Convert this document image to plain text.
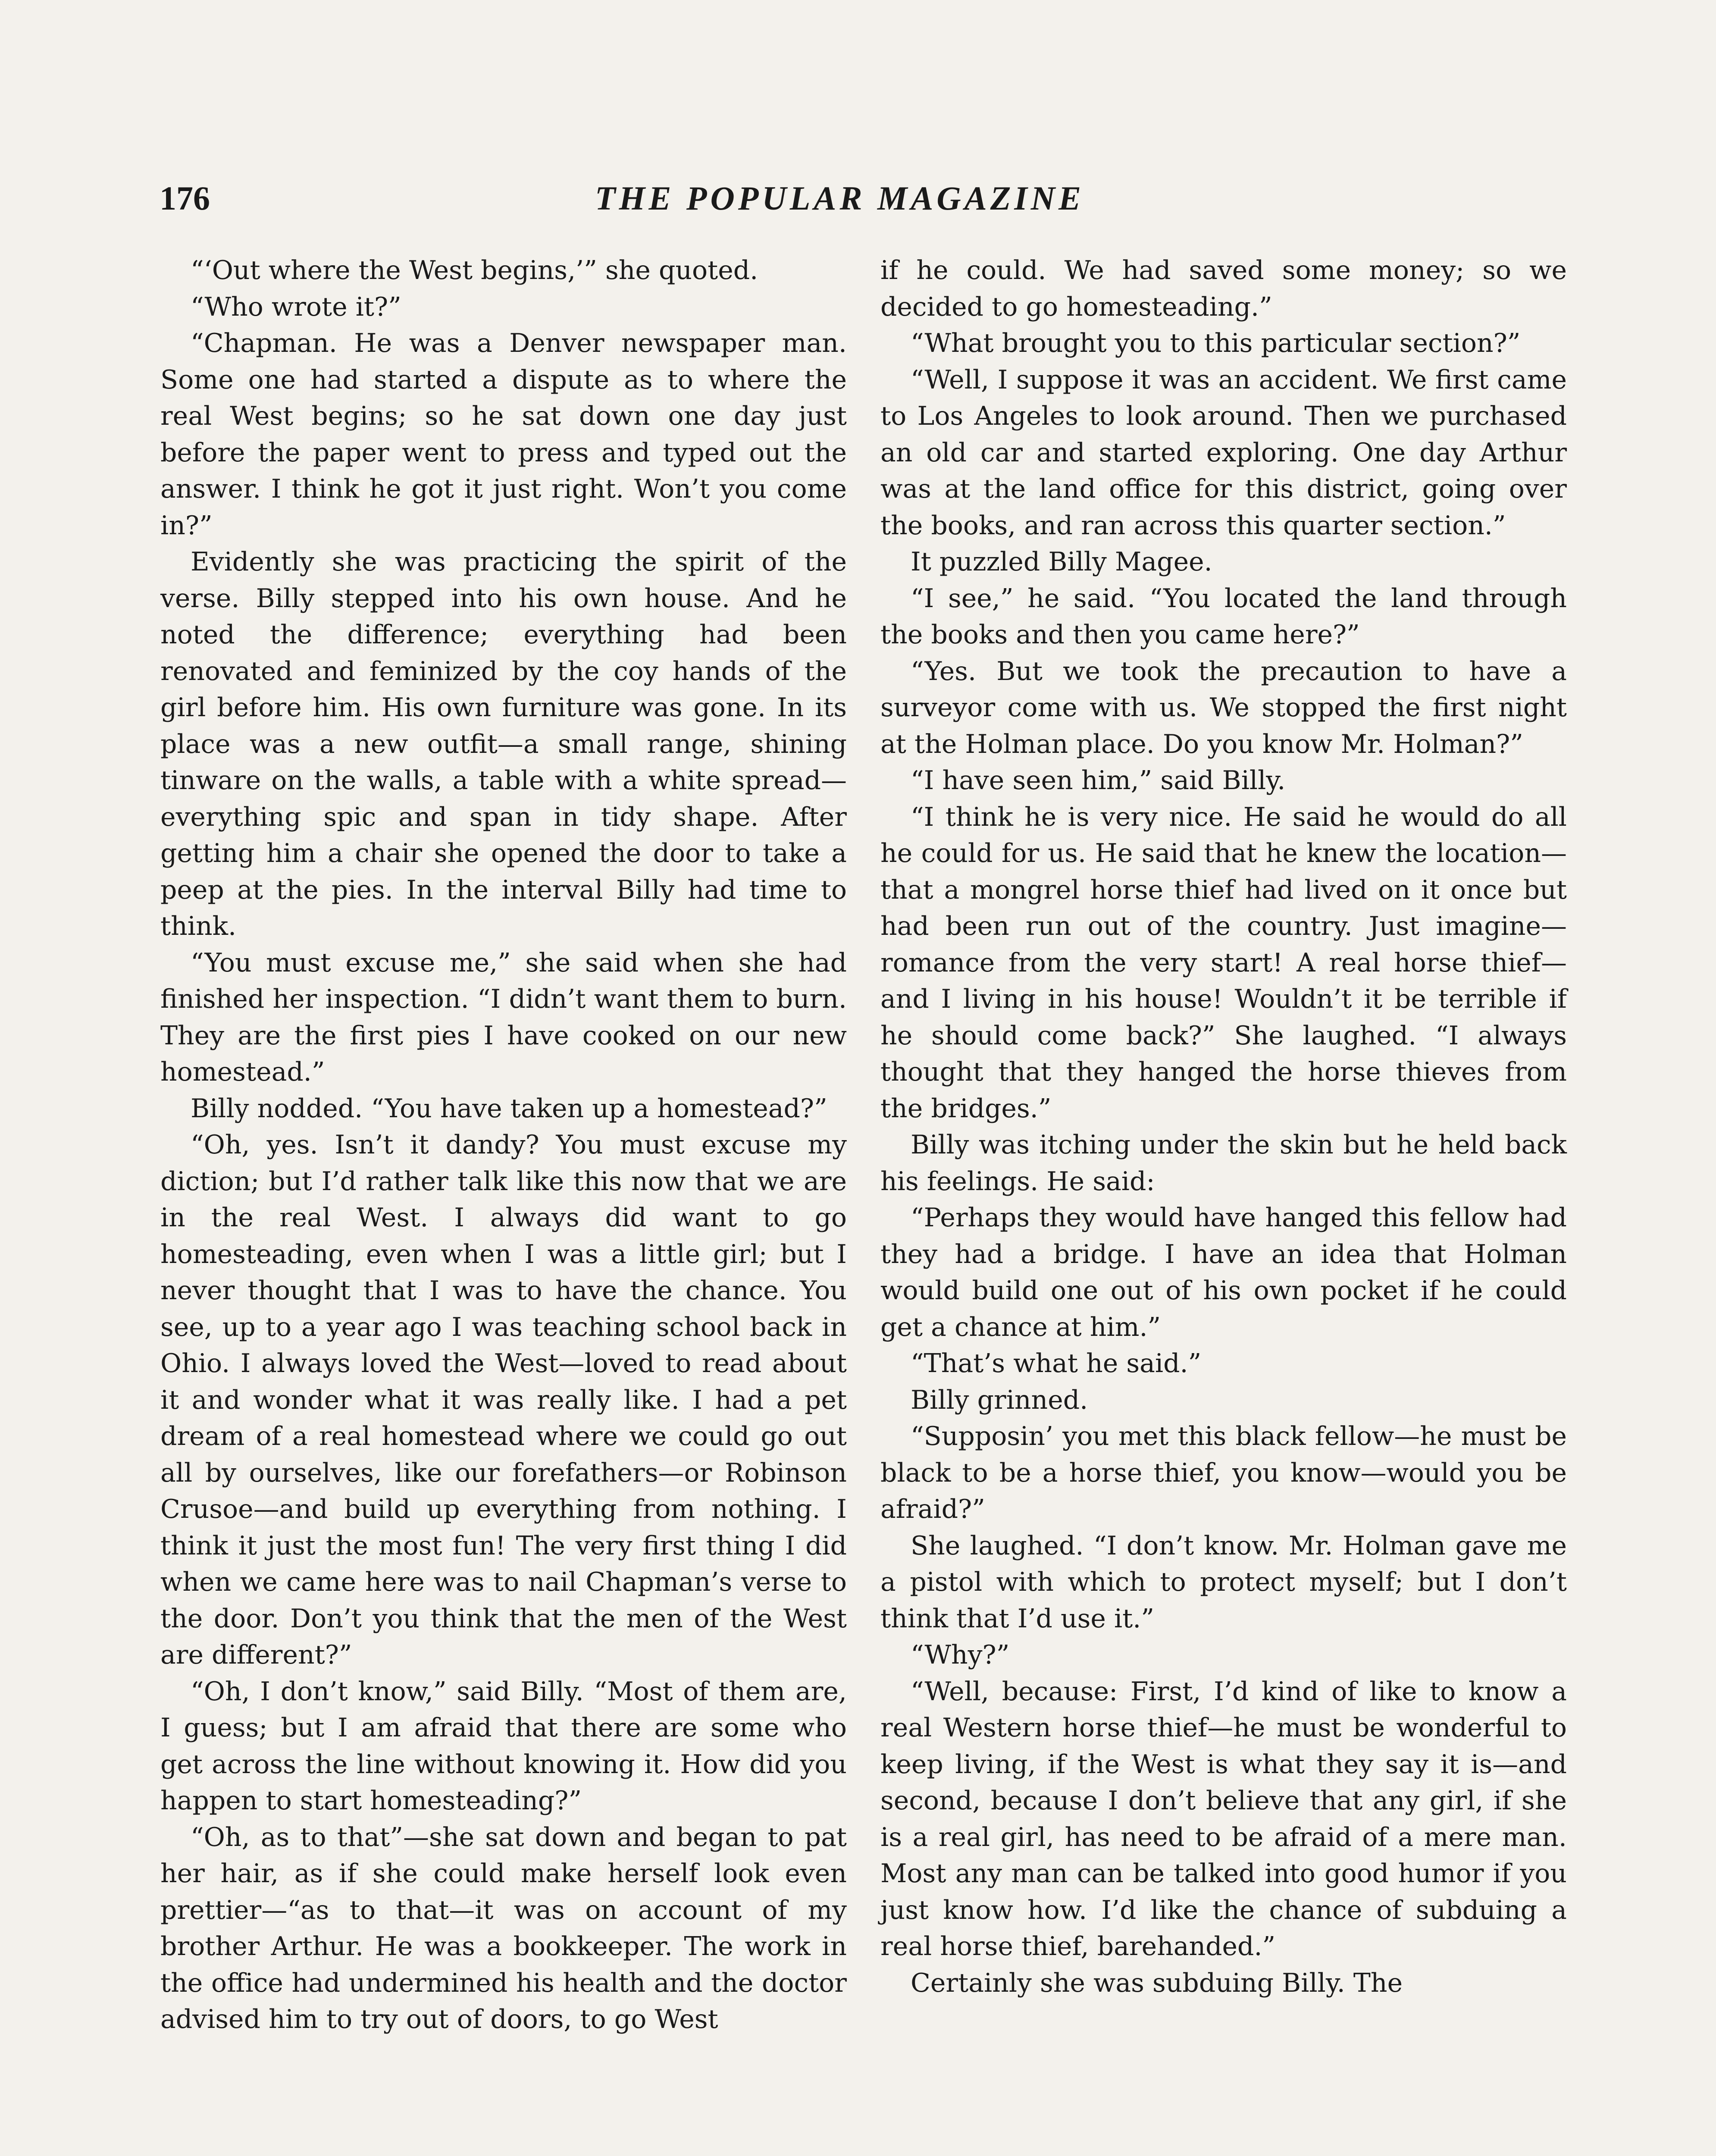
176	THE POPULAR MAGAZINE

“‘Out where the West begins,’” she quoted.

“Who wrote it?”

“Chapman. He was a Denver newspaper man. Some one had started a dispute as to where the real West begins; so he sat down one day just before the paper went to press and typed out the answer. I think he got it just right. Won’t you come in?”

Evidently she was practicing the spirit of the verse. Billy stepped into his own house. And he noted the difference; everything had been renovated and feminized by the coy hands of the girl before him. His own furniture was gone. In its place was a new outfit—a small range, shining tinware on the walls, a table with a white spread—everything spic and span in tidy shape. After getting him a chair she opened the door to take a peep at the pies. In the interval Billy had time to think.

“You must excuse me,” she said when she had finished her inspection. “I didn’t want them to burn. They are the first pies I have cooked on our new homestead.”

Billy nodded. “You have taken up a homestead?”

“Oh, yes. Isn’t it dandy? You must excuse my diction; but I’d rather talk like this now that we are in the real West. I always did want to go homesteading, even when I was a little girl; but I never thought that I was to have the chance. You see, up to a year ago I was teaching school back in Ohio. I always loved the West—loved to read about it and wonder what it was really like. I had a pet dream of a real homestead where we could go out all by ourselves, like our forefathers—or Robinson Crusoe—and build up everything from nothing. I think it just the most fun! The very first thing I did when we came here was to nail Chapman’s verse to the door. Don’t you think that the men of the West are different?”

“Oh, I don’t know,” said Billy. “Most of them are, I guess; but I am afraid that there are some who get across the line without knowing it. How did you happen to start homesteading?”

“Oh, as to that”—she sat down and began to pat her hair, as if she could make herself look even prettier—“as to that—it was on account of my brother Arthur. He was a bookkeeper. The work in the office had undermined his health and the doctor advised him to try out of doors, to go West

if he could. We had saved some money; so we decided to go homesteading.”

“What brought you to this particular section?”

“Well, I suppose it was an accident. We first came to Los Angeles to look around. Then we purchased an old car and started exploring. One day Arthur was at the land office for this district, going over the books, and ran across this quarter section.”

It puzzled Billy Magee.

“I see,” he said. “You located the land through the books and then you came here?”

“Yes. But we took the precaution to have a surveyor come with us. We stopped the first night at the Holman place. Do you know Mr. Holman?”

“I have seen him,” said Billy.

“I think he is very nice. He said he would do all he could for us. He said that he knew the location—that a mongrel horse thief had lived on it once but had been run out of the country. Just imagine—romance from the very start! A real horse thief—and I living in his house! Wouldn’t it be terrible if he should come back?” She laughed. “I always thought that they hanged the horse thieves from the bridges.”

Billy was itching under the skin but he held back his feelings. He said:

“Perhaps they would have hanged this fellow had they had a bridge. I have an idea that Holman would build one out of his own pocket if he could get a chance at him.”

“That’s what he said.”

Billy grinned.

“Supposin’ you met this black fellow—he must be black to be a horse thief, you know—would you be afraid?”

She laughed. “I don’t know. Mr. Holman gave me a pistol with which to protect myself; but I don’t think that I’d use it.”

“Why?”

“Well, because: First, I’d kind of like to know a real Western horse thief—he must be wonderful to keep living, if the West is what they say it is—and second, because I don’t believe that any girl, if she is a real girl, has need to be afraid of a mere man. Most any man can be talked into good humor if you just know how. I’d like the chance of subduing a real horse thief, barehanded.”

Certainly she was subduing Billy. The
